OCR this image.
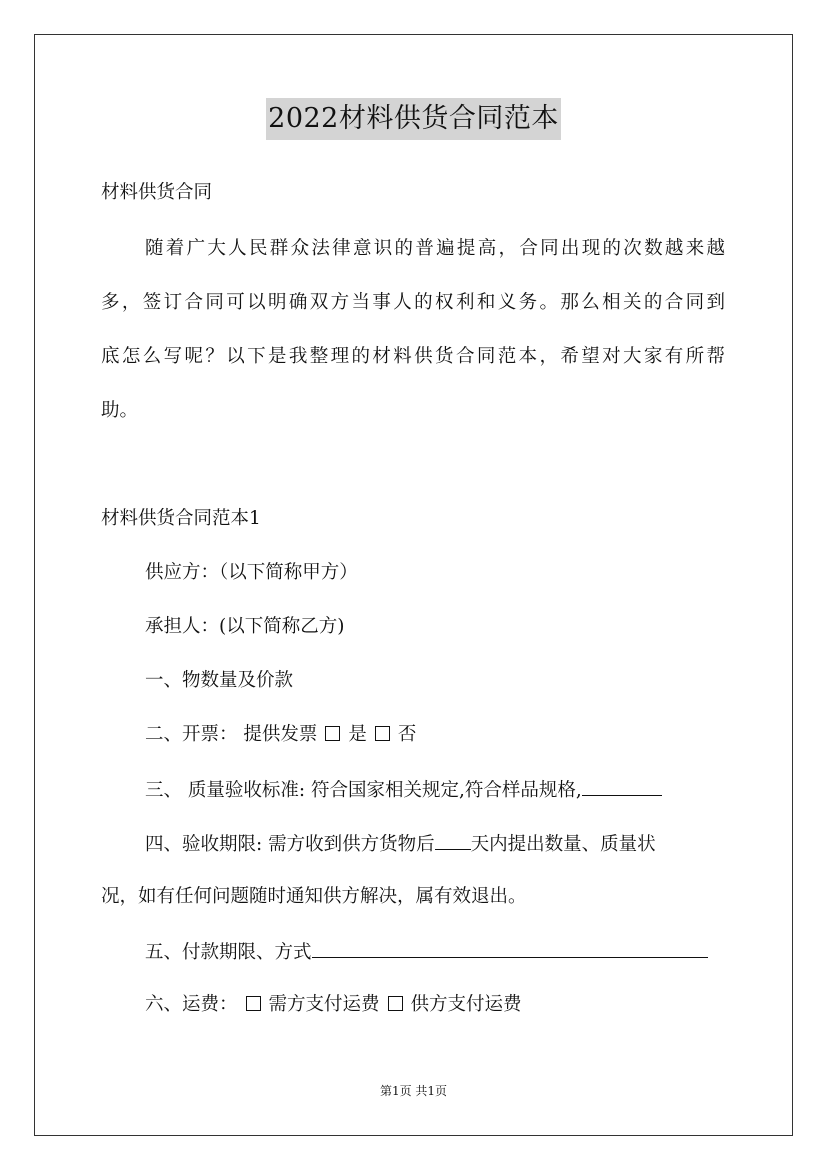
2022材料供货合同范本
材料供货合同
随着广大人民群众法律意识的普遍提高，合同出现的次数越来越
多，签订合同可以明确双方当事人的权利和义务。那么相关的合同到
底怎么写呢？以下是我整理的材料供货合同范本，希望对大家有所帮
助。
材料供货合同范本1
供应方：（以下简称甲方）
承担人：(以下简称乙方)
一、物数量及价款
二、开票： 提供发票 是 否
三、 质量验收标准: 符合国家相关规定,符合样品规格,
四、验收期限: 需方收到供方货物后 天内提出数量、质量状
况，如有任何问题随时通知供方解决，属有效退出。
五、付款期限、方式
六、运费： 需方支付运费 供方支付运费
第1页 共1页
